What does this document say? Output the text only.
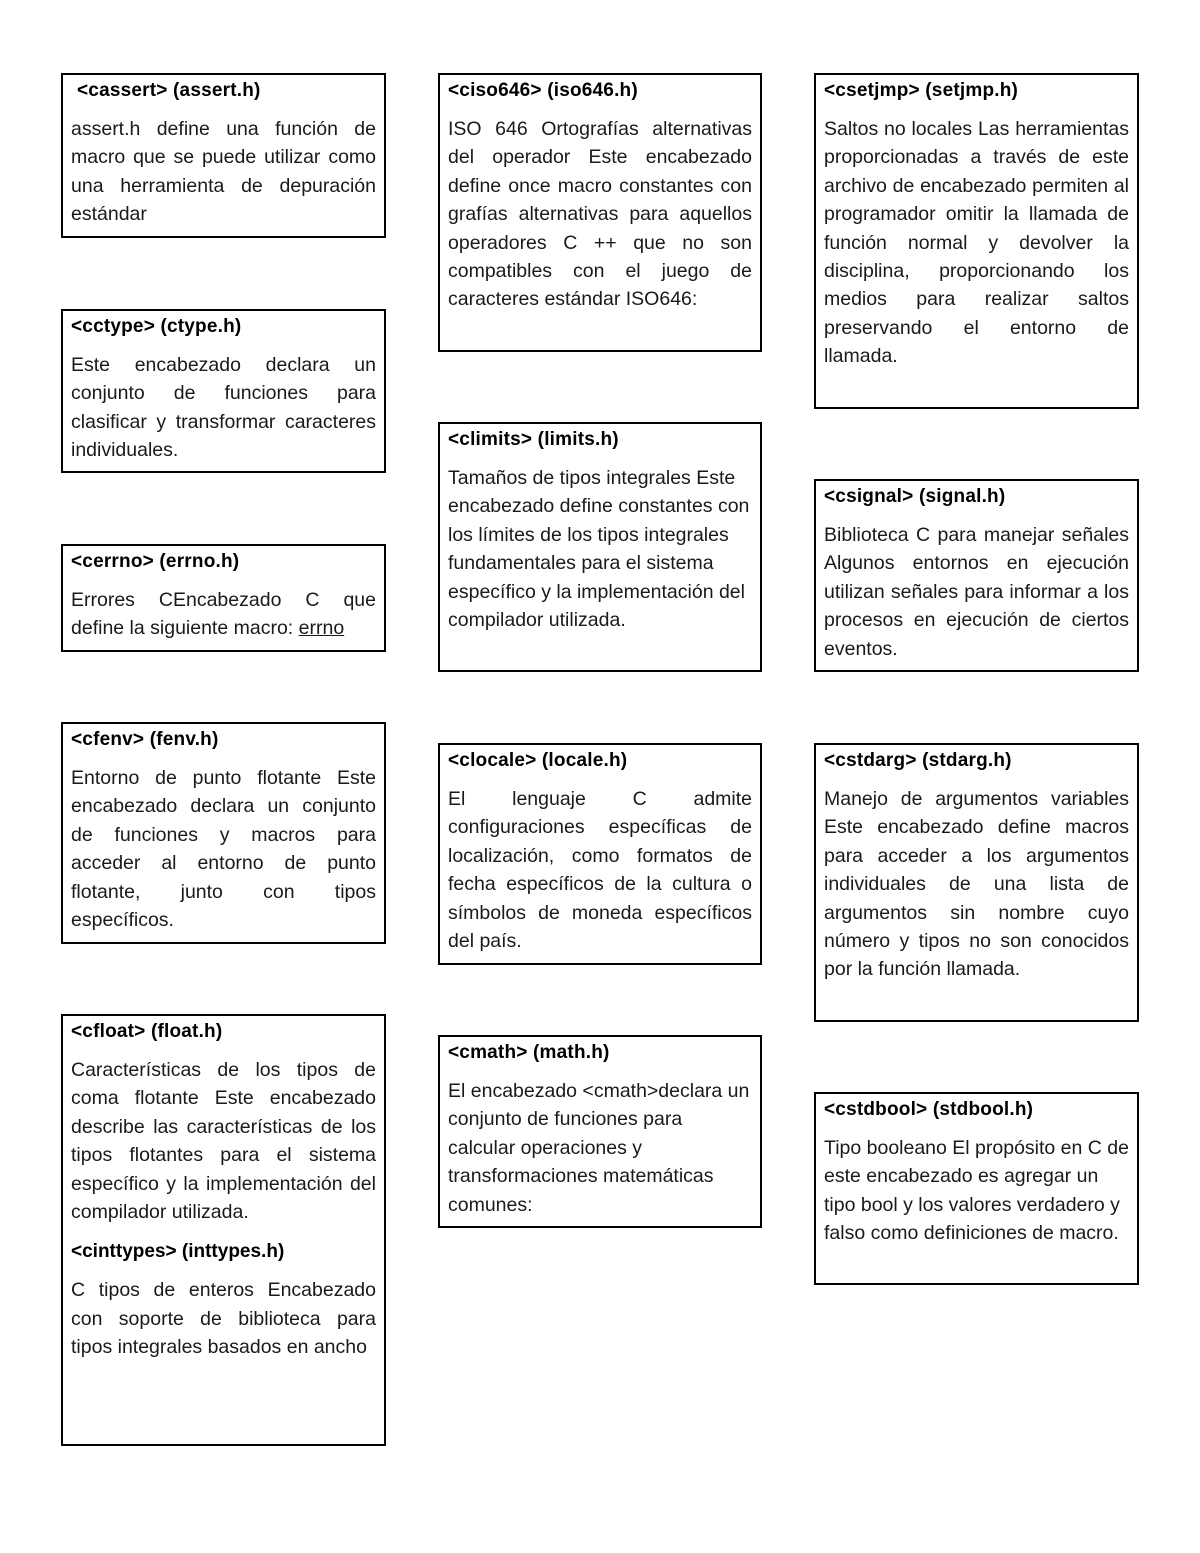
<cassert> (assert.h)

assert.h define una función de macro que se puede utilizar como una herramienta de depuración estándar

<cctype> (ctype.h)

Este encabezado declara un conjunto de funciones para clasificar y transformar caracteres individuales.

<cerrno> (errno.h)

Errores CEncabezado C que define la siguiente macro: errno

<cfenv> (fenv.h)

Entorno de punto flotante Este encabezado declara un conjunto de funciones y macros para acceder al entorno de punto flotante, junto con tipos específicos.

<cfloat> (float.h)

Características de los tipos de coma flotante Este encabezado describe las características de los tipos flotantes para el sistema específico y la implementación del compilador utilizada.

<cinttypes> (inttypes.h)

C tipos de enteros Encabezado con soporte de biblioteca para tipos integrales basados en ancho

<ciso646> (iso646.h)

ISO 646 Ortografías alternativas del operador Este encabezado define once macro constantes con grafías alternativas para aquellos operadores C ++ que no son compatibles con el juego de caracteres estándar ISO646:

<climits> (limits.h)

Tamaños de tipos integrales Este encabezado define constantes con los límites de los tipos integrales fundamentales para el sistema específico y la implementación del compilador utilizada.

<clocale> (locale.h)

El lenguaje C admite configuraciones específicas de localización, como formatos de fecha específicos de la cultura o símbolos de moneda específicos del país.

<cmath> (math.h)

El encabezado <cmath>declara un conjunto de funciones para calcular operaciones y transformaciones matemáticas comunes:

<csetjmp> (setjmp.h)

Saltos no locales Las herramientas proporcionadas a través de este archivo de encabezado permiten al programador omitir la llamada de función normal y devolver la disciplina, proporcionando los medios para realizar saltos preservando el entorno de llamada.

<csignal> (signal.h)

Biblioteca C para manejar señales Algunos entornos en ejecución utilizan señales para informar a los procesos en ejecución de ciertos eventos.

<cstdarg> (stdarg.h)

Manejo de argumentos variables Este encabezado define macros para acceder a los argumentos individuales de una lista de argumentos sin nombre cuyo número y tipos no son conocidos por la función llamada.

<cstdbool> (stdbool.h)

Tipo booleano El propósito en C de este encabezado es agregar un tipo bool y los valores verdadero y falso como definiciones de macro.
